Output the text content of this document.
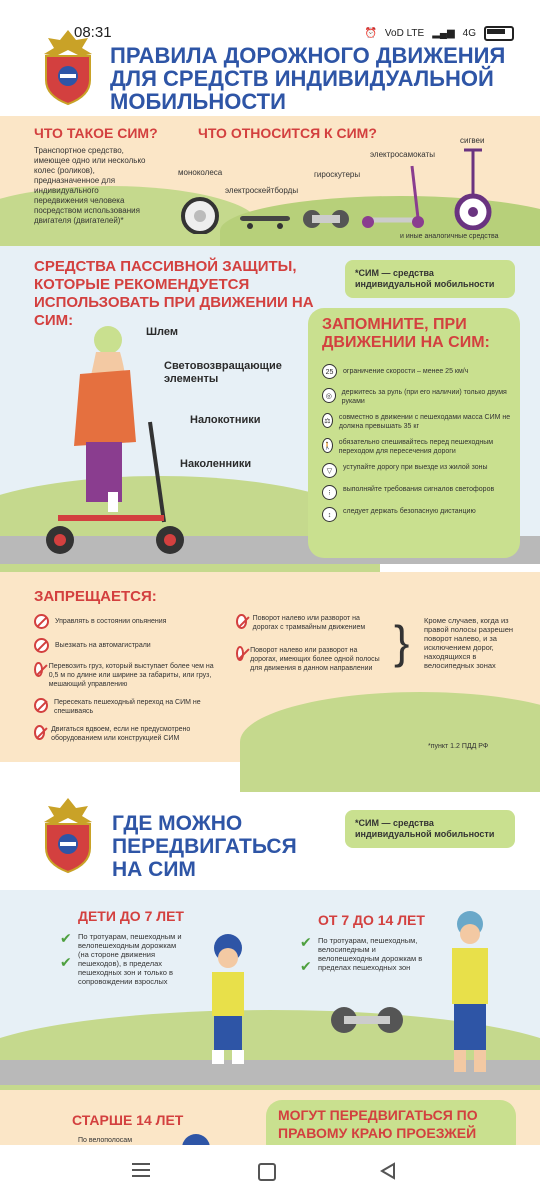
08:31	⏰ VoD LTE ▂▄▆ 4G
ПРАВИЛА ДОРОЖНОГО ДВИЖЕНИЯ ДЛЯ СРЕДСТВ ИНДИВИДУАЛЬНОЙ МОБИЛЬНОСТИ
ЧТО ТАКОЕ СИМ?
Транспортное средство, имеющее одно или несколько колес (роликов), предназначенное для индивидуального передвижения человека посредством использования двигателя (двигателей)*
ЧТО ОТНОСИТСЯ К СИМ?
моноколеса
электроскейтборды
гироскутеры
электросамокаты
сигвеи
и иные аналогичные средства
СРЕДСТВА ПАССИВНОЙ ЗАЩИТЫ, КОТОРЫЕ РЕКОМЕНДУЕТСЯ ИСПОЛЬЗОВАТЬ ПРИ ДВИЖЕНИИ НА СИМ:
*СИМ — средства индивидуальной мобильности
Шлем
Световозвращающие элементы
Налокотники
Наколенники
ЗАПОМНИТЕ, ПРИ ДВИЖЕНИИ НА СИМ:
25	ограничение скорости – менее 25 км/ч
◎
держитесь за руль (при его наличии) только двумя руками
⚖
совместно в движении с пешеходами масса СИМ не должна превышать 35 кг
🚶
обязательно спешивайтесь перед пешеходным переходом для пересечения дороги
▽
уступайте дорогу при выезде из жилой зоны
⁝
выполняйте требования сигналов светофоров
↕
следует держать безопасную дистанцию
ЗАПРЕЩАЕТСЯ:
Управлять в состоянии опьянения
Выезжать на автомагистрали
Перевозить груз, который выступает более чем на 0,5 м по длине или ширине за габариты, или груз, мешающий управлению
Пересекать пешеходный переход на СИМ не спешиваясь
Двигаться вдвоем, если не предусмотрено оборудованием или конструкцией СИМ
Поворот налево или разворот на дорогах с трамвайным движением
Поворот налево или разворот на дорогах, имеющих более одной полосы для движения в данном направлении
} Кроме случаев, когда из правой полосы разрешен поворот налево, и за исключением дорог, находящихся в велосипедных зонах
*пункт 1.2 ПДД РФ
ГДЕ МОЖНО ПЕРЕДВИГАТЬСЯ НА СИМ
*СИМ — средства индивидуальной мобильности
ДЕТИ ДО 7 ЛЕТ
✔
✔
По тротуарам, пешеходным и велопешеходным дорожкам (на стороне движения пешеходов), в пределах пешеходных зон и только в сопровождении взрослых
ОТ 7 ДО 14 ЛЕТ
✔
✔
По тротуарам, пешеходным, велосипедным и велопешеходным дорожкам в пределах пешеходных зон
СТАРШЕ 14 ЛЕТ
По велополосам
МОГУТ ПЕРЕДВИГАТЬСЯ ПО ПРАВОМУ КРАЮ ПРОЕЗЖЕЙ
